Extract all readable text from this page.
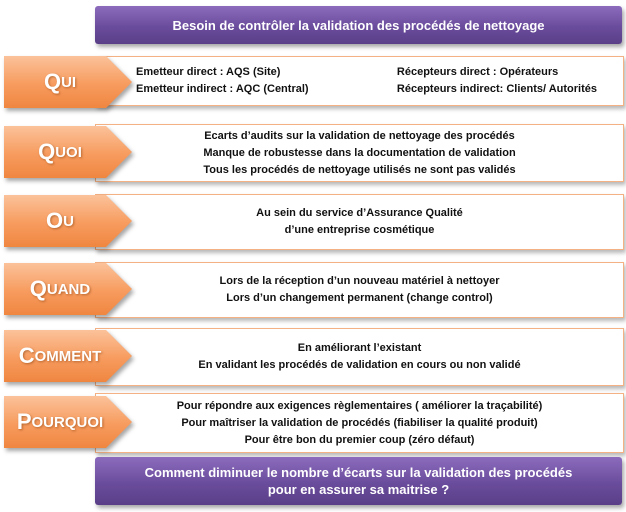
Besoin de contrôler la validation des procédés de nettoyage
Emetteur direct : AQS (Site)
Emetteur indirect : AQC (Central)
Récepteurs direct : Opérateurs
Récepteurs indirect: Clients/ Autorités
Q UI
Ecarts d’audits sur la validation de nettoyage des procédés
Manque de robustesse dans la documentation de validation
Tous les procédés de nettoyage utilisés ne sont pas validés
Q UOI
Au sein du service d’Assurance Qualité
d’une entreprise cosmétique
O U
Lors de la réception d’un nouveau matériel à nettoyer
Lors d’un changement permanent (change control)
Q UAND
En améliorant l’existant
En validant les procédés de validation en cours ou non validé
C OMMENT
Pour répondre aux exigences règlementaires ( améliorer la traçabilité)
Pour maîtriser la validation de procédés (fiabiliser la qualité produit)
Pour être bon du premier coup (zéro défaut)
P OURQUOI
Comment diminuer le nombre d’écarts sur la validation des procédés
pour en assurer sa maitrise ?
